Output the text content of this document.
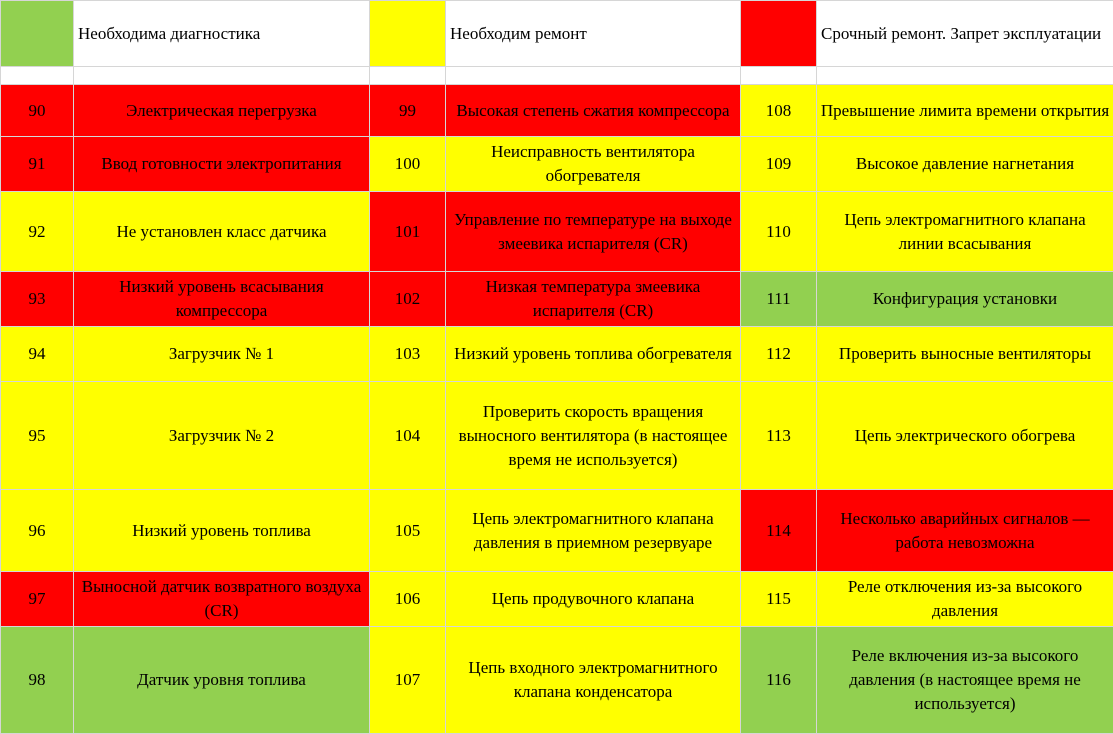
	Необходима диагностика		Необходим ремонт		Срочный ремонт. Запрет эксплуатации

90	Электрическая перегрузка	99	Высокая степень сжатия компрессора	108	Превышение лимита времени открытия
91	Ввод готовности электропитания	100	Неисправность вентилятора обогревателя	109	Высокое давление нагнетания
92	Не установлен класс датчика	101	Управление по температуре на выходе змеевика испарителя (CR)	110	Цепь электромагнитного клапана линии всасывания
93	Низкий уровень всасывания компрессора	102	Низкая температура змеевика испарителя (CR)	111	Конфигурация установки
94	Загрузчик № 1	103	Низкий уровень топлива обогревателя	112	Проверить выносные вентиляторы
95	Загрузчик № 2	104	Проверить скорость вращения выносного вентилятора (в настоящее время не используется)	113	Цепь электрического обогрева
96	Низкий уровень топлива	105	Цепь электромагнитного клапана давления в приемном резервуаре	114	Несколько аварийных сигналов — работа невозможна
97	Выносной датчик возвратного воздуха (CR)	106	Цепь продувочного клапана	115	Реле отключения из-за высокого давления
98	Датчик уровня топлива	107	Цепь входного электромагнитного клапана конденсатора	116	Реле включения из-за высокого давления (в настоящее время не используется)
